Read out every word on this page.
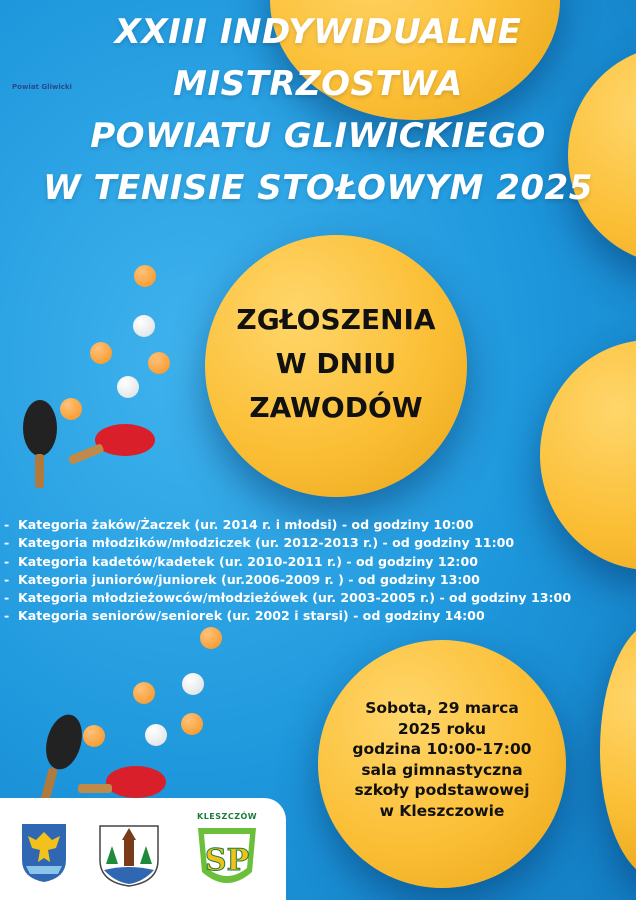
XXIII INDYWIDUALNE
MISTRZOSTWA
POWIATU GLIWICKIEGO
W TENISIE STOŁOWYM 2025
ZGŁOSZENIA
W DNIU
ZAWODÓW
- Kategoria żaków/Żaczek (ur. 2014 r. i młodsi) - od godziny 10:00
- Kategoria młodzików/młodziczek (ur. 2012-2013 r.) - od godziny 11:00
- Kategoria kadetów/kadetek (ur. 2010-2011 r.) - od godziny 12:00
- Kategoria juniorów/juniorek (ur.2006-2009 r. ) - od godziny 13:00
- Kategoria młodzieżowców/młodzieżówek (ur. 2003-2005 r.) - od godziny 13:00
- Kategoria seniorów/seniorek (ur. 2002 i starsi) - od godziny 14:00
Sobota, 29 marca
2025 roku
godzina 10:00-17:00
sala gimnastyczna
szkoły podstawowej
w Kleszczowie
Powiat Gliwicki
KLESZCZÓW
SP
